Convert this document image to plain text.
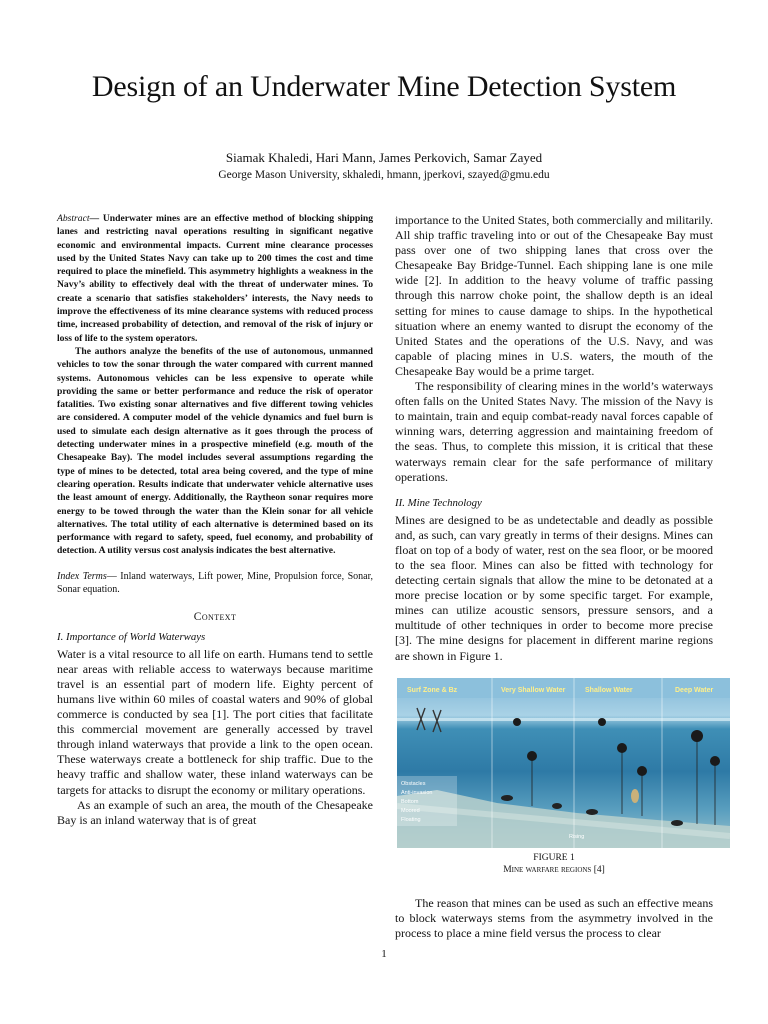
Design of an Underwater Mine Detection System
Siamak Khaledi, Hari Mann, James Perkovich, Samar Zayed
George Mason University, skhaledi, hmann, jperkovi, szayed@gmu.edu

Abstract— Underwater mines are an effective method of blocking shipping lanes and restricting naval operations resulting in significant negative economic and environmental impacts. Current mine clearance processes used by the United States Navy can take up to 200 times the cost and time required to place the minefield. This asymmetry highlights a weakness in the Navy’s ability to effectively deal with the threat of underwater mines. To create a scenario that satisfies stakeholders’ interests, the Navy needs to improve the effectiveness of its mine clearance systems with reduced process time, increased probability of detection, and removal of the risk of injury or loss of life to the system operators.

The authors analyze the benefits of the use of autonomous, unmanned vehicles to tow the sonar through the water compared with current manned systems. Autonomous vehicles can be less expensive to operate while providing the same or better performance and reduce the risk of operator fatalities. Two existing sonar alternatives and five different towing vehicles are considered. A computer model of the vehicle dynamics and fuel burn is used to simulate each design alternative as it goes through the process of detecting underwater mines in a prospective minefield (e.g. mouth of the Chesapeake Bay). The model includes several assumptions regarding the type of mines to be detected, total area being covered, and the type of mine clearing operation. Results indicate that underwater vehicle alternative uses the least amount of energy. Additionally, the Raytheon sonar requires more energy to be towed through the water than the Klein sonar for all vehicle alternatives. The total utility of each alternative is determined based on its performance with regard to safety, speed, fuel economy, and probability of detection. A utility versus cost analysis indicates the best alternative.

Index Terms— Inland waterways, Lift power, Mine, Propulsion force, Sonar, Sonar equation.

Context
I. Importance of World Waterways

Water is a vital resource to all life on earth. Humans tend to settle near areas with reliable access to waterways because maritime travel is an essential part of modern life. Eighty percent of humans live within 60 miles of coastal waters and 90% of global commerce is conducted by sea [1]. The port cities that facilitate this commercial movement are generally accessed by travel through inland waterways that provide a link to the open ocean. These waterways create a bottleneck for ship traffic. Due to the heavy traffic and shallow water, these inland waterways can be targets for attacks to disrupt the economy or military operations.

As an example of such an area, the mouth of the Chesapeake Bay is an inland waterway that is of great

importance to the United States, both commercially and militarily. All ship traffic traveling into or out of the Chesapeake Bay must pass over one of two shipping lanes that cross over the Chesapeake Bay Bridge-Tunnel. Each shipping lane is one mile wide [2]. In addition to the heavy volume of traffic passing through this narrow choke point, the shallow depth is an ideal setting for mines to cause damage to ships. In the hypothetical situation where an enemy wanted to disrupt the economy of the United States and the operations of the U.S. Navy, and was capable of placing mines in U.S. waters, the mouth of the Chesapeake Bay would be a prime target.

The responsibility of clearing mines in the world’s waterways often falls on the United States Navy. The mission of the Navy is to maintain, train and equip combat-ready naval forces capable of winning wars, deterring aggression and maintaining freedom of the seas. Thus, to complete this mission, it is critical that these waterways remain clear for the safe performance of military operations.

II. Mine Technology

Mines are designed to be as undetectable and deadly as possible and, as such, can vary greatly in terms of their designs. Mines can float on top of a body of water, rest on the sea floor, or be moored to the sea floor. Mines can also be fitted with technology for detecting certain signals that allow the mine to be detonated at a more precise location or by some specific target. For example, mines can utilize acoustic sensors, pressure sensors, and a multitude of other techniques in order to become more precise [3]. The mine designs for placement in different marine regions are shown in Figure 1.

Surf Zone & Bz	Very Shallow Water	Shallow Water	Deep Water
Obstacles
Anti-invasion
Bottom
Moored
Floating
Rising
FIGURE 1
Mine warfare regions [4]

The reason that mines can be used as such an effective means to block waterways stems from the asymmetry involved in the process to place a mine field versus the process to clear

1
